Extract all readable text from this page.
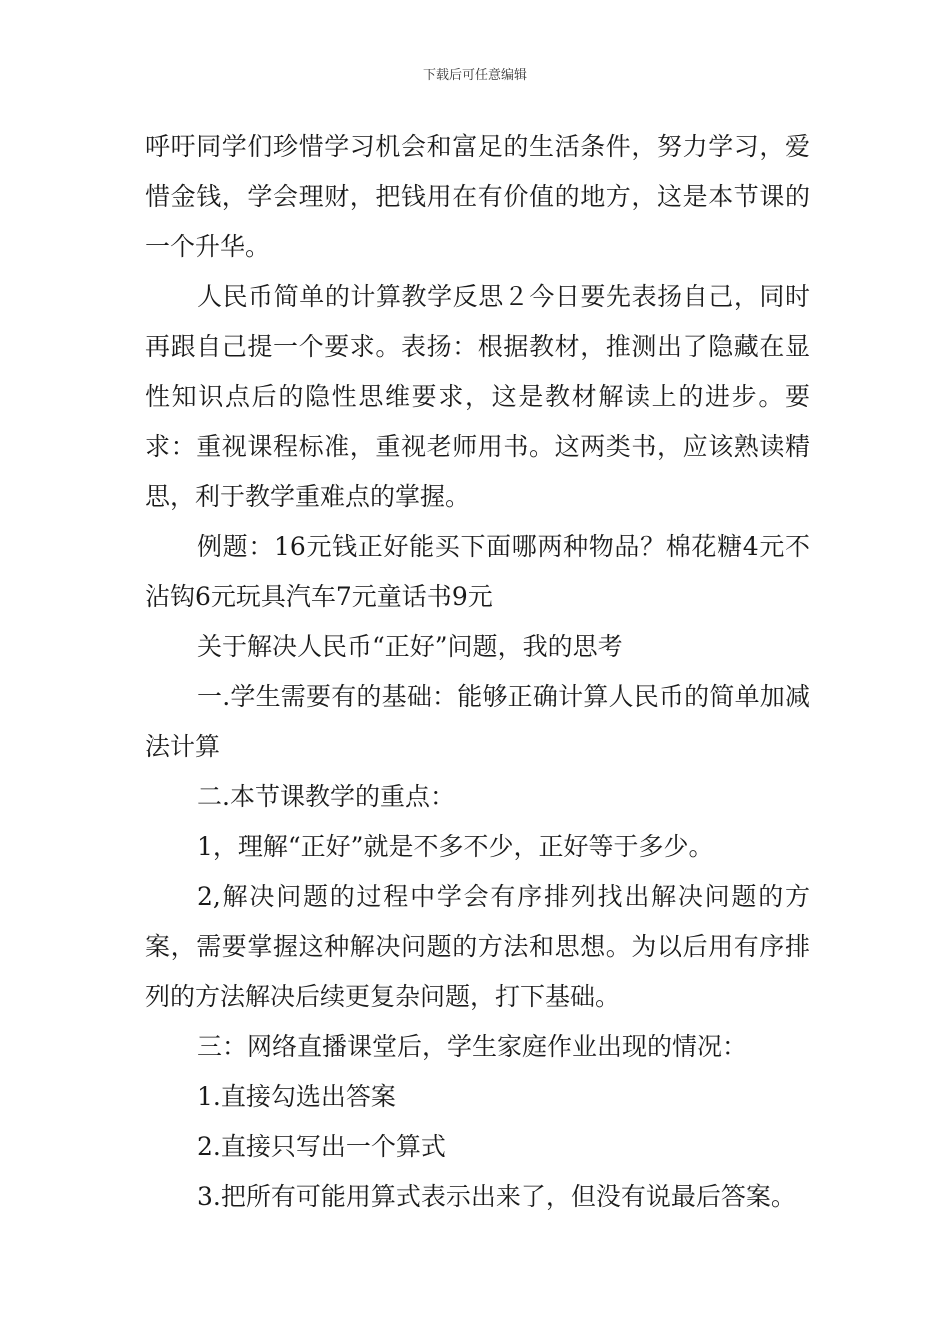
下载后可任意编辑

呼吁同学们珍惜学习机会和富足的生活条件，努力学习，爱惜金钱，学会理财，把钱用在有价值的地方，这是本节课的一个升华。

人民币简单的计算教学反思２今日要先表扬自己，同时再跟自己提一个要求。表扬：根据教材，推测出了隐藏在显性知识点后的隐性思维要求，这是教材解读上的进步。要求：重视课程标准，重视老师用书。这两类书，应该熟读精思，利于教学重难点的掌握。

例题：16元钱正好能买下面哪两种物品？棉花糖4元不沾钩6元玩具汽车7元童话书9元

关于解决人民币“正好”问题，我的思考

一.学生需要有的基础：能够正确计算人民币的简单加减法计算

二.本节课教学的重点：

1，理解“正好”就是不多不少，正好等于多少。

2,解决问题的过程中学会有序排列找出解决问题的方案，需要掌握这种解决问题的方法和思想。为以后用有序排列的方法解决后续更复杂问题，打下基础。

三：网络直播课堂后，学生家庭作业出现的情况：

1.直接勾选出答案

2.直接只写出一个算式

3.把所有可能用算式表示出来了，但没有说最后答案。
